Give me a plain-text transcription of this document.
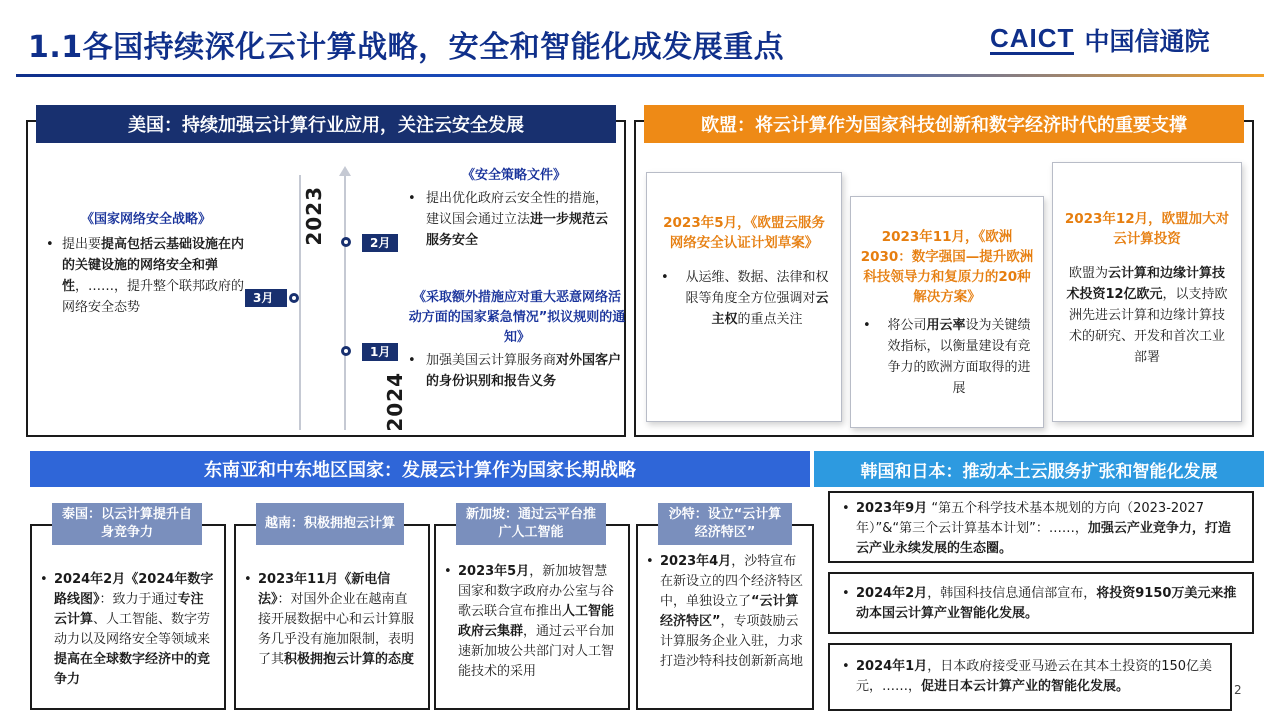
1.1各国持续深化云计算战略，安全和智能化成发展重点	CAICT 中国信通院
美国：持续加强云计算行业应用，关注云安全发展
《国家网络安全战略》
• 提出要提高包括云基础设施在内的关键设施的网络安全和弹性，……，提升整个联邦政府的网络安全态势
3月
2023
2024
2月
1月
《安全策略文件》
• 提出优化政府云安全性的措施，建议国会通过立法进一步规范云服务安全
《采取额外措施应对重大恶意网络活动方面的国家紧急情况”拟议规则的通知》
• 加强美国云计算服务商对外国客户的身份识别和报告义务
欧盟：将云计算作为国家科技创新和数字经济时代的重要支撑
2023年5月，《欧盟云服务网络安全认证计划草案》
• 从运维、数据、法律和权限等角度全方位强调对云主权的重点关注
2023年11月，《欧洲2030：数字强国—提升欧洲科技领导力和复原力的20种解决方案》
• 将公司用云率设为关键绩效指标，以衡量建设有竞争力的欧洲方面取得的进展
2023年12月，欧盟加大对云计算投资
欧盟为云计算和边缘计算技术投资12亿欧元，以支持欧洲先进云计算和边缘计算技术的研究、开发和首次工业部署
东南亚和中东地区国家：发展云计算作为国家长期战略
• 2024年2月《2024年数字路线图》：致力于通过专注云计算、人工智能、数字劳动力以及网络安全等领域来提高在全球数字经济中的竞争力
泰国：以云计算提升自身竞争力
• 2023年11月《新电信法》：对国外企业在越南直接开展数据中心和云计算服务几乎没有施加限制，表明了其积极拥抱云计算的态度
越南：积极拥抱云计算
• 2023年5月，新加坡智慧国家和数字政府办公室与谷歌云联合宣布推出人工智能政府云集群，通过云平台加速新加坡公共部门对人工智能技术的采用
新加坡：通过云平台推广人工智能
• 2023年4月，沙特宣布在新设立的四个经济特区中，单独设立了“云计算经济特区”，专项鼓励云计算服务企业入驻，力求打造沙特科技创新新高地
沙特：设立“云计算经济特区”
韩国和日本：推动本土云服务扩张和智能化发展
• 2023年9月 “第五个科学技术基本规划的方向（2023-2027年）”&“第三个云计算基本计划”：……，加强云产业竞争力，打造云产业永续发展的生态圈。
• 2024年2月，韩国科技信息通信部宣布，将投资9150万美元来推动本国云计算产业智能化发展。
• 2024年1月，日本政府接受亚马逊云在其本土投资的150亿美元，……，促进日本云计算产业的智能化发展。	2
